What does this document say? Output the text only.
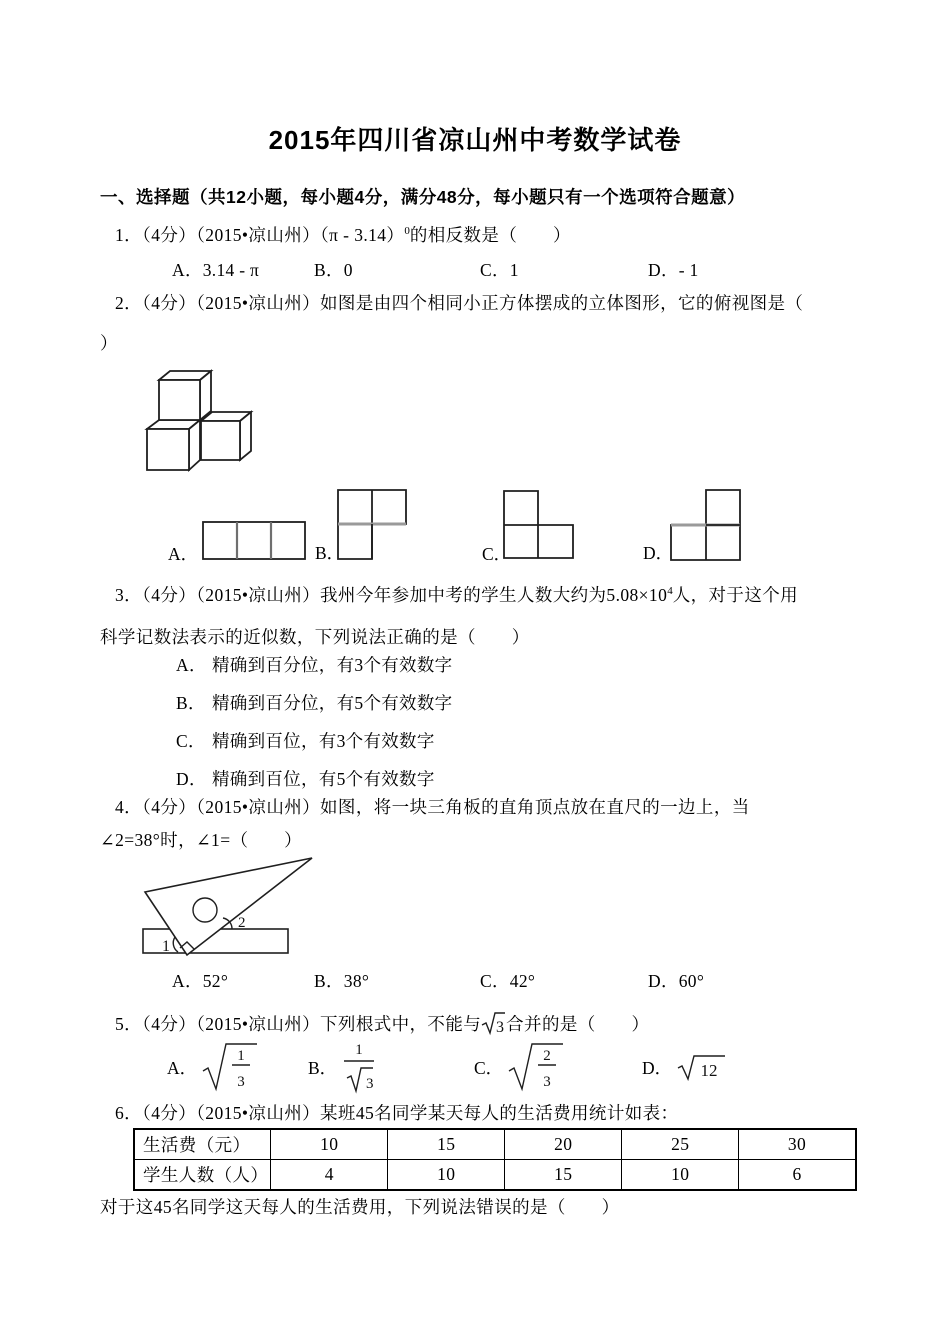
2015年四川省凉山州中考数学试卷
一、选择题（共12小题，每小题4分，满分48分，每小题只有一个选项符合题意）
1．（4分）（2015•凉山州）（π - 3.14）$^0$的相反数是（　　）
A．3.14 - π	B．0	C．1	D．- 1
2．（4分）（2015•凉山州）如图是由四个相同小正方体摆成的立体图形，它的俯视图是（
）
A．	B．	C．	D．
3．（4分）（2015•凉山州）我州今年参加中考的学生人数大约为$5.08\times 10^4$人，对于这个用
科学记数法表示的近似数，下列说法正确的是（　　）
A． 精确到百分位，有3个有效数字
B． 精确到百分位，有5个有效数字
C． 精确到百位，有3个有效数字
D． 精确到百位，有5个有效数字
4．（4分）（2015•凉山州）如图，将一块三角板的直角顶点放在直尺的一边上，当
∠2=38°时，∠1=（　　）
1
2
A．52°	B．38°	C．42°	D．60°
5．（4分）（2015•凉山州）下列根式中，不能与 3 合并的是（　　）
A．
1
3
B．
1
3
C．
2
3
D． 12
6．（4分）（2015•凉山州）某班45名同学某天每人的生活费用统计如表：
生活费（元）	10	15	20	25	30
学生人数（人）	4	10	15	10	6
对于这45名同学这天每人的生活费用，下列说法错误的是（　　）
